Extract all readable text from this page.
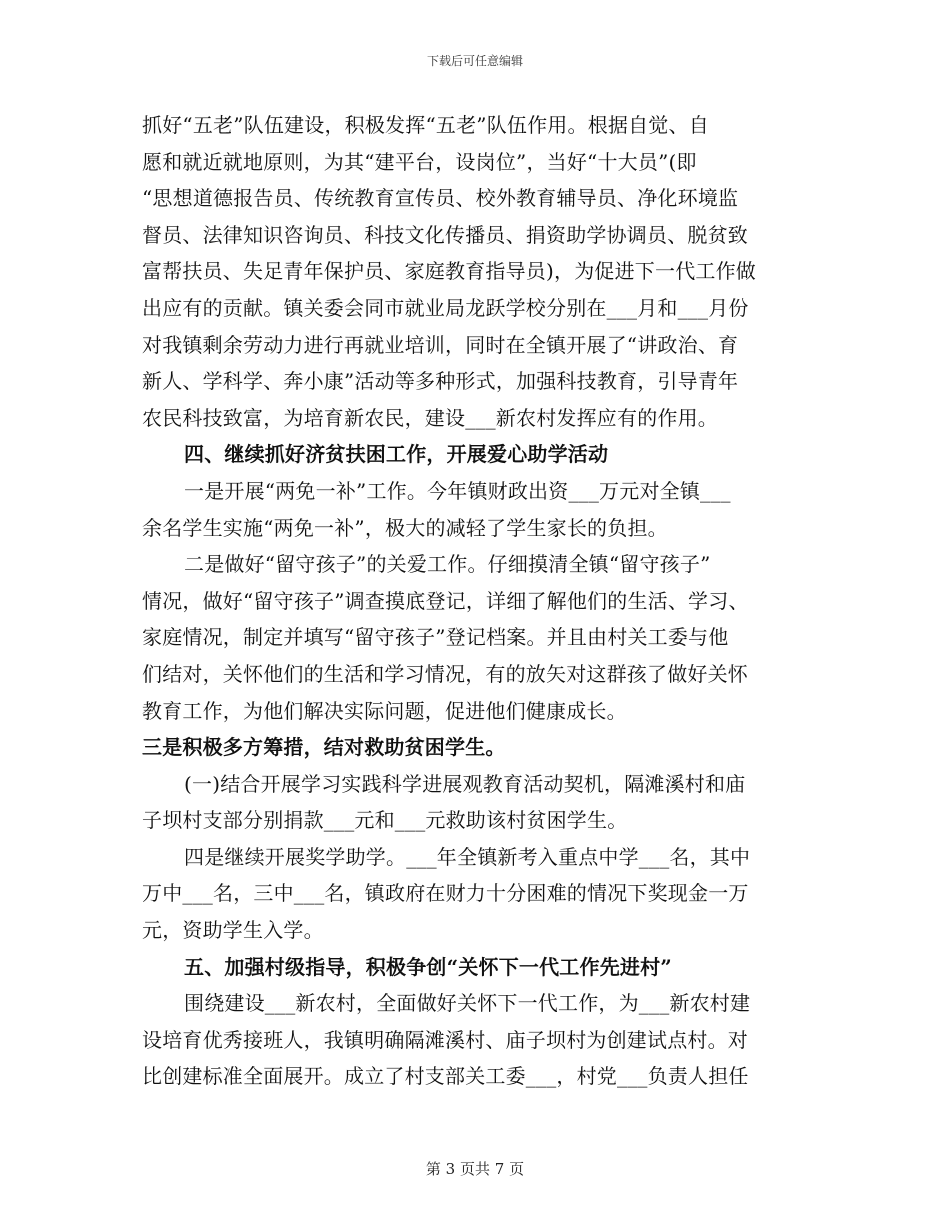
下载后可任意编辑
抓好“五老”队伍建设，积极发挥“五老”队伍作用。根据自觉、自
愿和就近就地原则，为其“建平台，设岗位”，当好“十大员”(即
“思想道德报告员、传统教育宣传员、校外教育辅导员、净化环境监
督员、法律知识咨询员、科技文化传播员、捐资助学协调员、脱贫致
富帮扶员、失足青年保护员、家庭教育指导员)，为促进下一代工作做
出应有的贡献。镇关委会同市就业局龙跃学校分别在___月和___月份
对我镇剩余劳动力进行再就业培训，同时在全镇开展了“讲政治、育
新人、学科学、奔小康”活动等多种形式，加强科技教育，引导青年
农民科技致富，为培育新农民，建设___新农村发挥应有的作用。
四、继续抓好济贫扶困工作，开展爱心助学活动
一是开展“两免一补”工作。今年镇财政出资___万元对全镇___
余名学生实施“两免一补”，极大的减轻了学生家长的负担。
二是做好“留守孩子”的关爱工作。仔细摸清全镇“留守孩子”
情况，做好“留守孩子”调查摸底登记，详细了解他们的生活、学习、
家庭情况，制定并填写“留守孩子”登记档案。并且由村关工委与他
们结对，关怀他们的生活和学习情况，有的放矢对这群孩了做好关怀
教育工作，为他们解决实际问题，促进他们健康成长。
三是积极多方筹措，结对救助贫困学生。
(一)结合开展学习实践科学进展观教育活动契机，隔滩溪村和庙
子坝村支部分别捐款___元和___元救助该村贫困学生。
四是继续开展奖学助学。___年全镇新考入重点中学___名，其中
万中___名，三中___名，镇政府在财力十分困难的情况下奖现金一万
元，资助学生入学。
五、加强村级指导，积极争创“关怀下一代工作先进村”
围绕建设___新农村，全面做好关怀下一代工作，为___新农村建
设培育优秀接班人，我镇明确隔滩溪村、庙子坝村为创建试点村。对
比创建标准全面展开。成立了村支部关工委___，村党___负责人担任
第 3 页共 7 页
